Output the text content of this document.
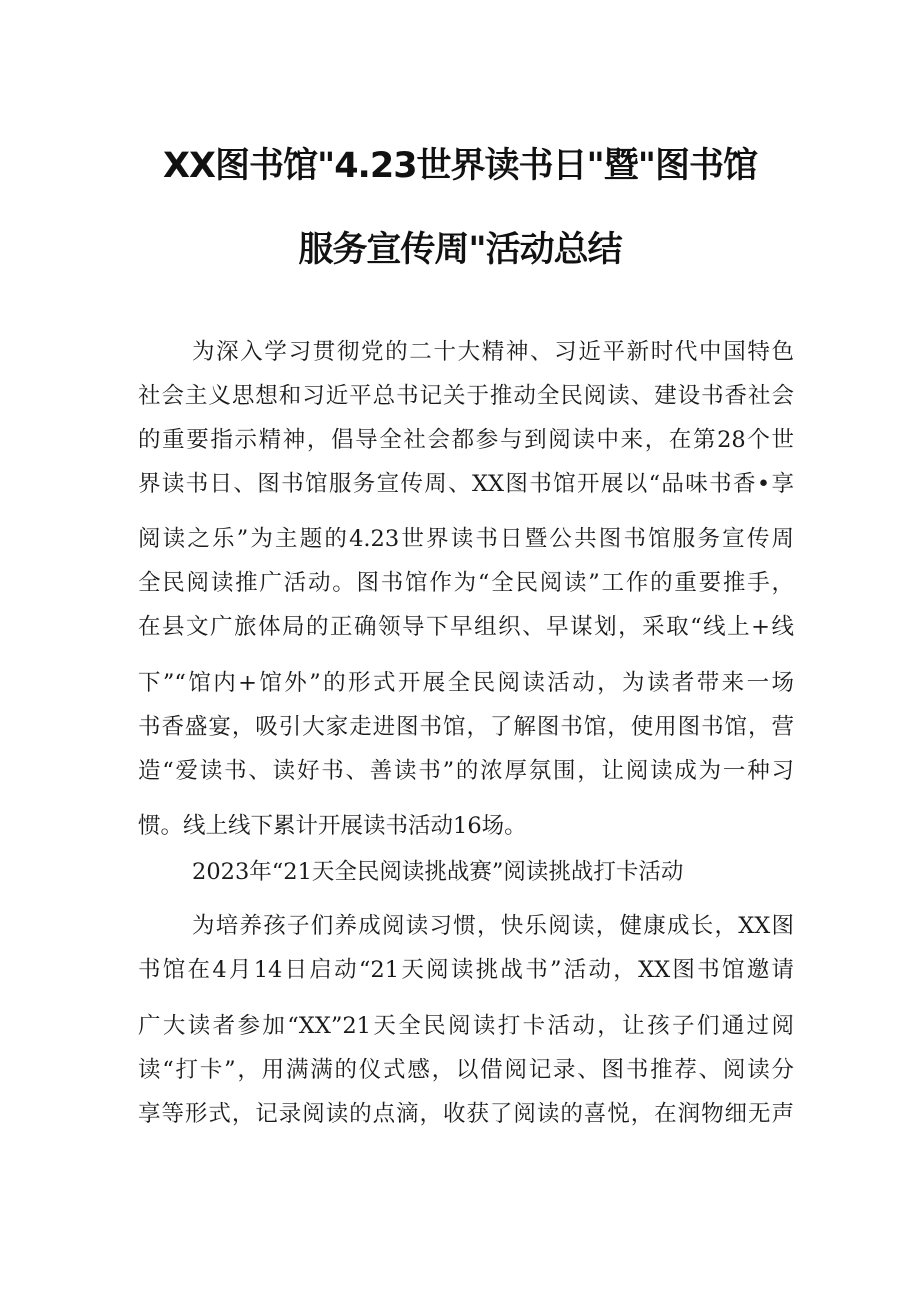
XX图书馆"4.23世界读书日"暨"图书馆
服务宣传周"活动总结
为深入学习贯彻党的二十大精神、习近平新时代中国特色
社会主义思想和习近平总书记关于推动全民阅读、建设书香社会
的重要指示精神，倡导全社会都参与到阅读中来，在第28个世
界读书日、图书馆服务宣传周、XX图书馆开展以“品味书香•享
阅读之乐”为主题的4.23世界读书日暨公共图书馆服务宣传周
全民阅读推广活动。图书馆作为“全民阅读”工作的重要推手，
在县文广旅体局的正确领导下早组织、早谋划，采取“线上+线
下”“馆内+馆外”的形式开展全民阅读活动，为读者带来一场
书香盛宴，吸引大家走进图书馆，了解图书馆，使用图书馆，营
造“爱读书、读好书、善读书”的浓厚氛围，让阅读成为一种习
惯。线上线下累计开展读书活动16场。
2023年“21天全民阅读挑战赛”阅读挑战打卡活动
为培养孩子们养成阅读习惯，快乐阅读，健康成长，XX图
书馆在4月14日启动“21天阅读挑战书”活动，XX图书馆邀请
广大读者参加“XX”21天全民阅读打卡活动，让孩子们通过阅
读“打卡”，用满满的仪式感，以借阅记录、图书推荐、阅读分
享等形式，记录阅读的点滴，收获了阅读的喜悦，在润物细无声
